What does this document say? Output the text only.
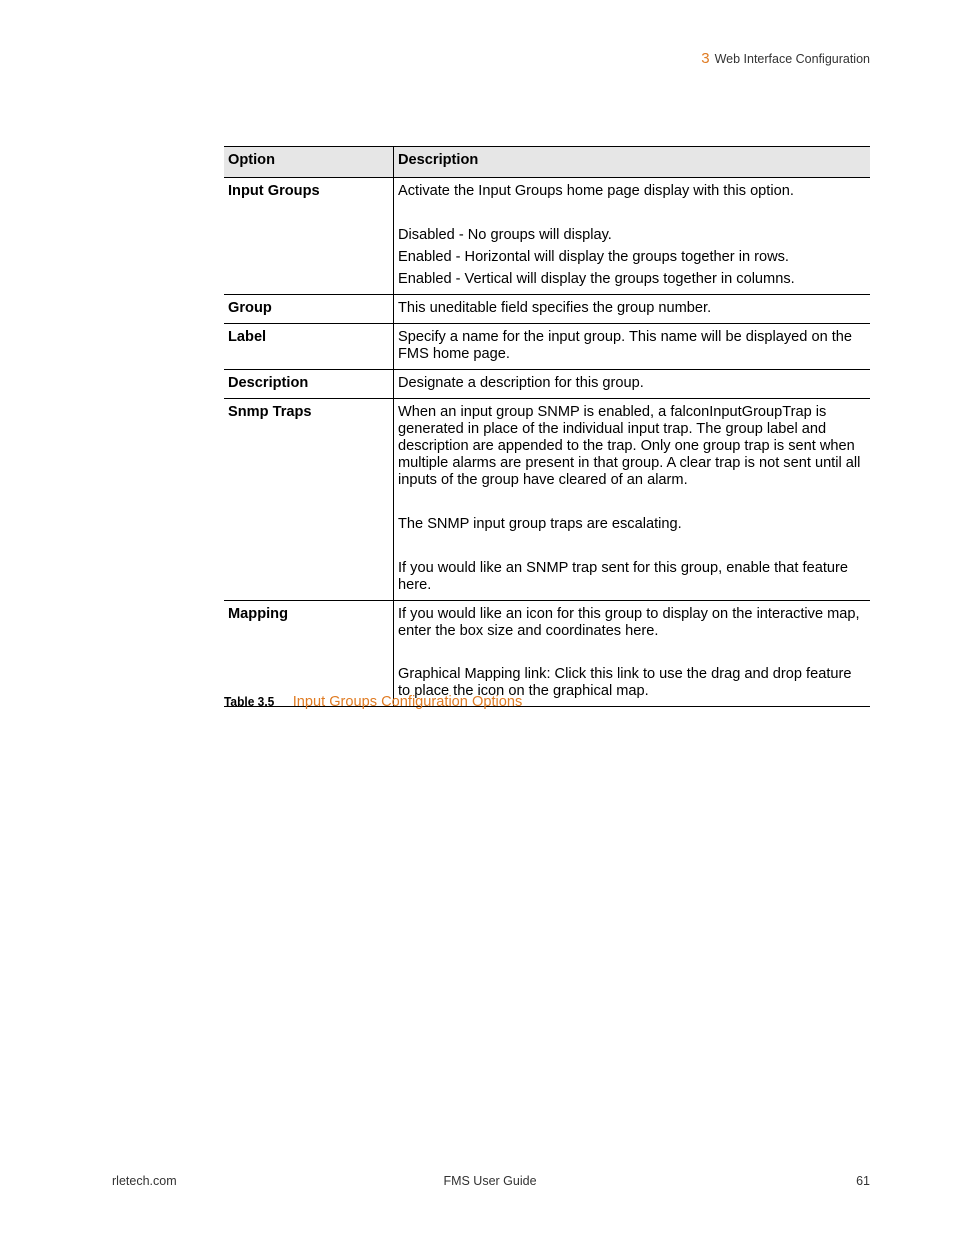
3 Web Interface Configuration
Option	Description
Input Groups	Activate the Input Groups home page display with this option.

Disabled - No groups will display.

Enabled - Horizontal will display the groups together in rows.

Enabled - Vertical will display the groups together in columns.

Group	This uneditable field specifies the group number.

Label	Specify a name for the input group. This name will be displayed on the FMS home page.

Description	Designate a description for this group.

Snmp Traps	When an input group SNMP is enabled, a falconInputGroupTrap is generated in place of the individual input trap. The group label and description are appended to the trap. Only one group trap is sent when multiple alarms are present in that group. A clear trap is not sent until all inputs of the group have cleared of an alarm.

The SNMP input group traps are escalating.

If you would like an SNMP trap sent for this group, enable that feature here.

Mapping	If you would like an icon for this group to display on the interactive map, enter the box size and coordinates here.

Graphical Mapping link: Click this link to use the drag and drop feature to place the icon on the graphical map.

Table 3.5 Input Groups Configuration Options
rletech.com	FMS User Guide	61
